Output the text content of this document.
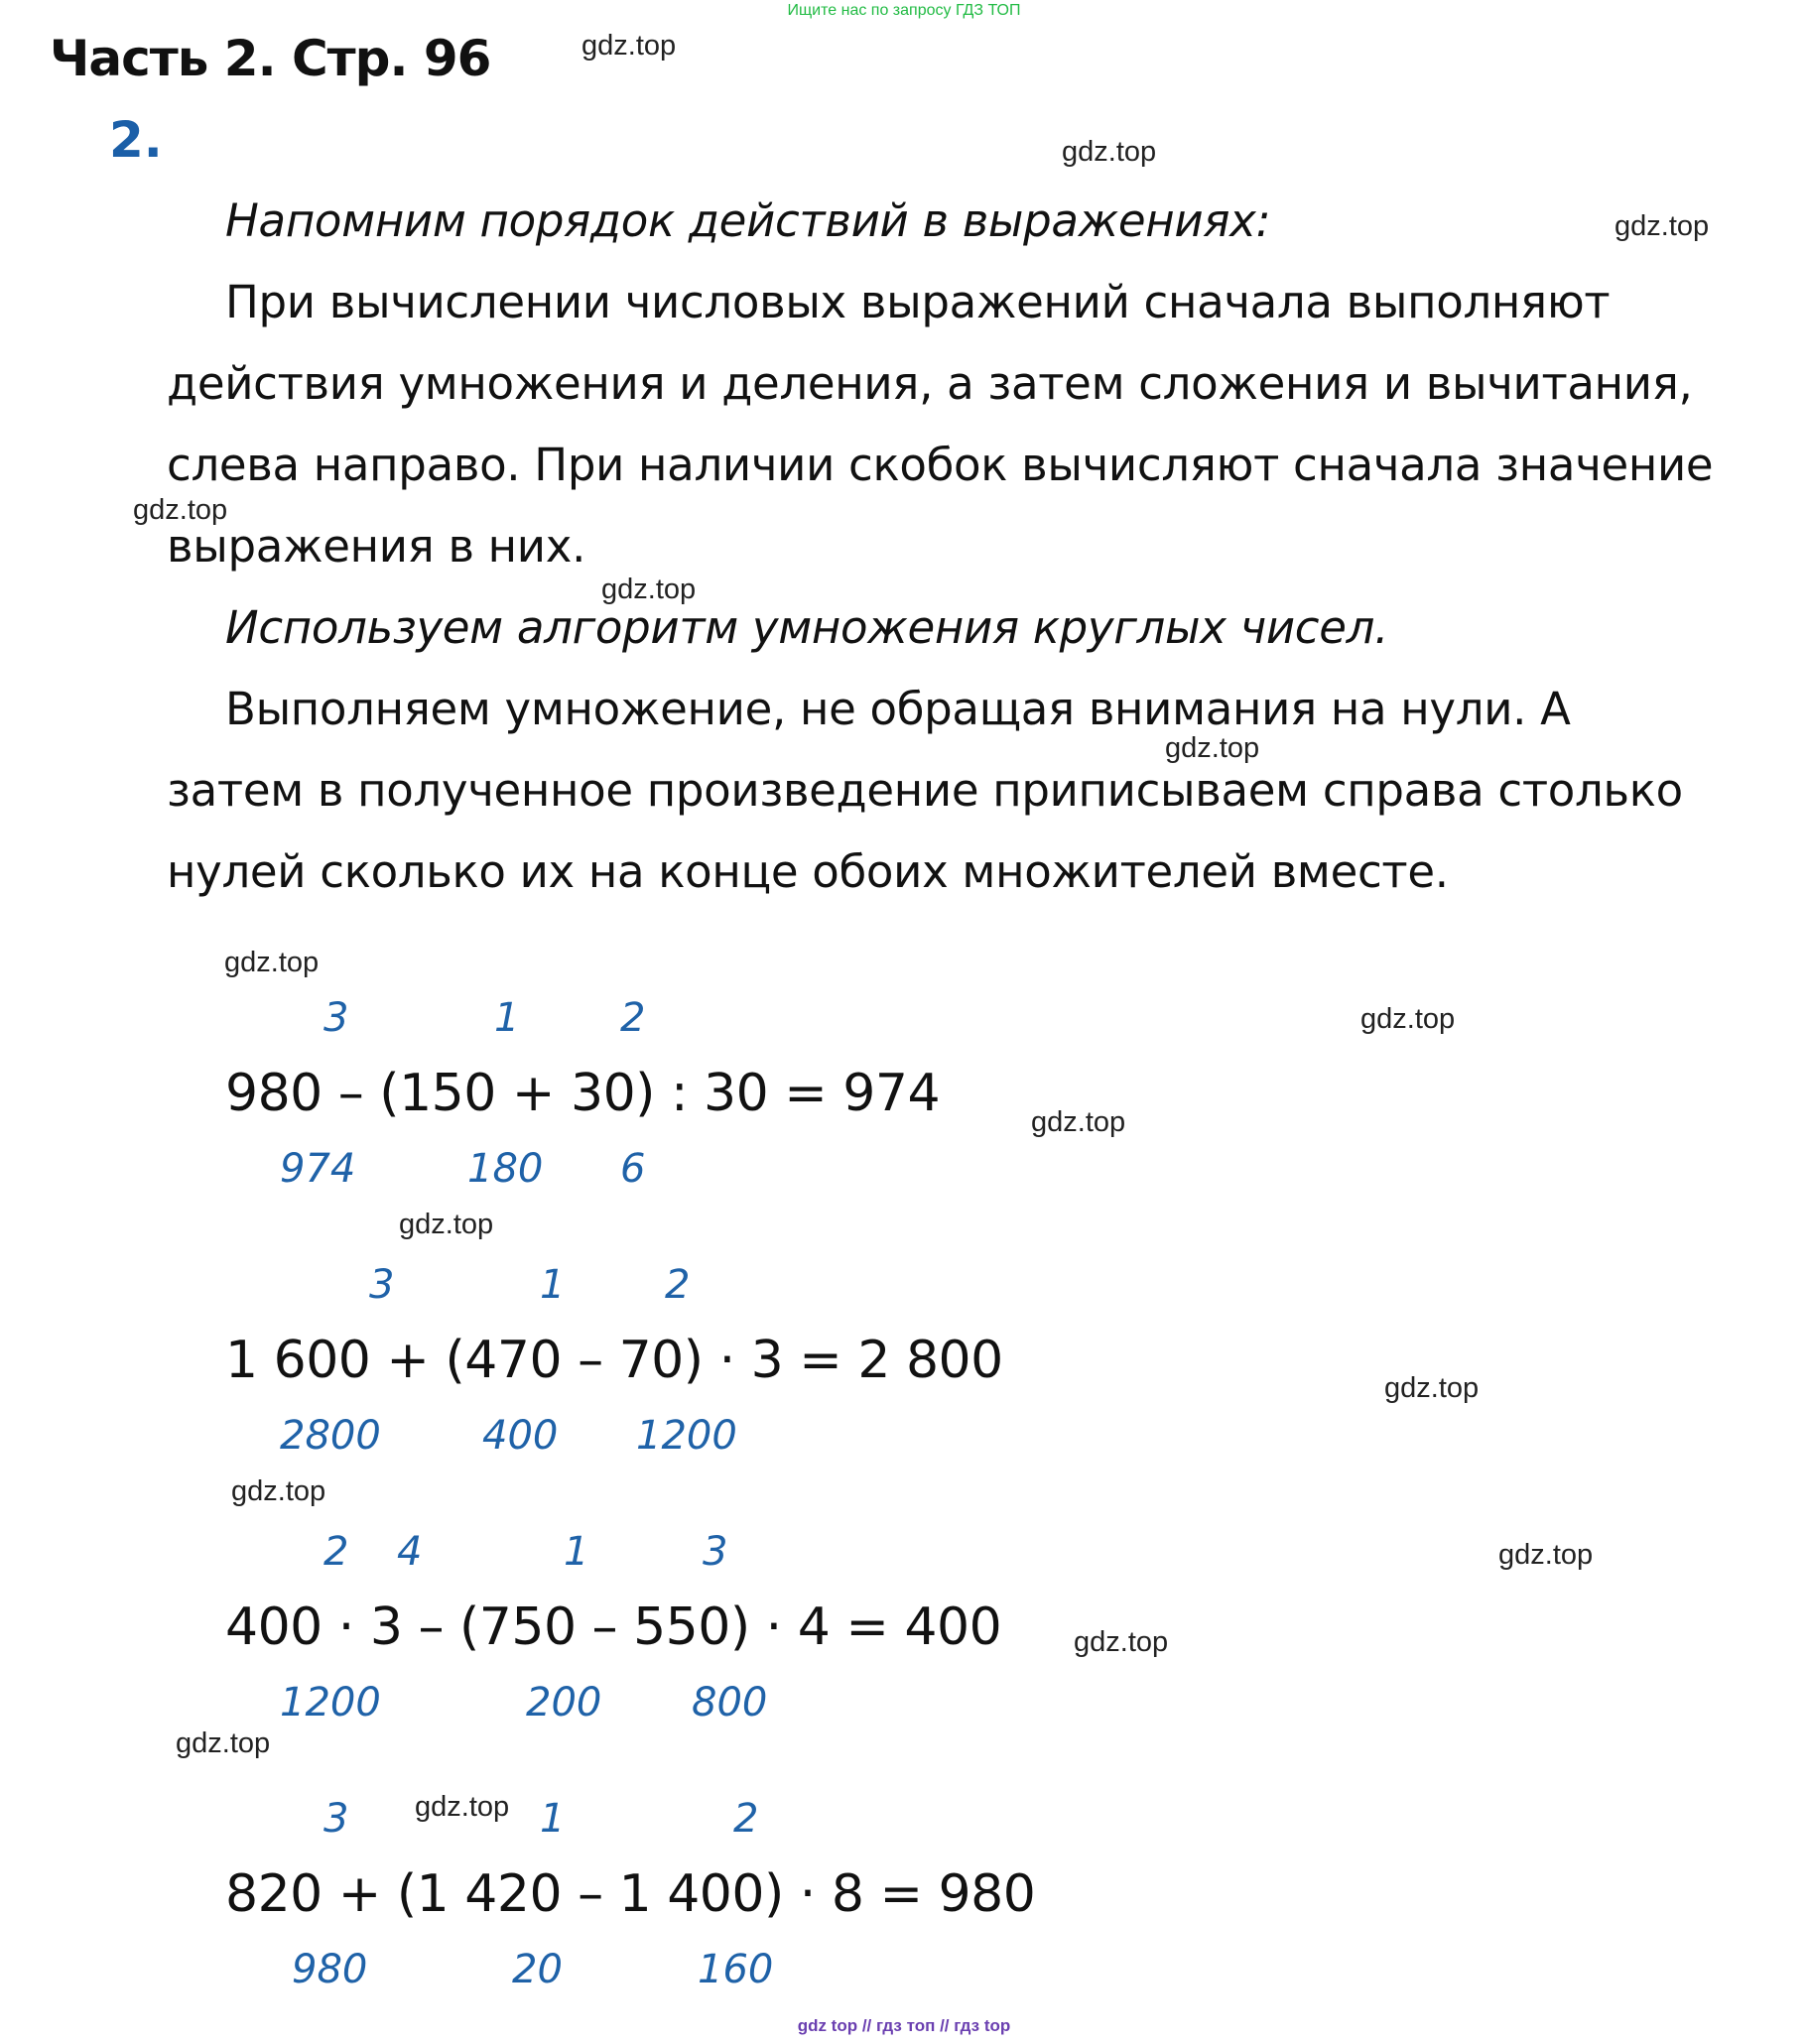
Ищите нас по запросу ГДЗ ТОП
Часть 2. Стр. 96
2.
Напомним порядок действий в выражениях:
При вычислении числовых выражений сначала выполняют
действия умножения и деления, а затем сложения и вычитания,
слева направо. При наличии скобок вычисляют сначала значение
выражения в них.
Используем алгоритм умножения круглых чисел.
Выполняем умножение, не обращая внимания на нули. А
затем в полученное произведение приписываем справа столько
нулей сколько их на конце обоих множителей вместе.
3	1	2
980 – (150 + 30) : 30 = 974
974	180 6
3	1	2
1 600 + (470 – 70) · 3 = 2 800
2800	400 1200
2 4	1	3
400 · 3 – (750 – 550) · 4 = 400
1200	200 800
3	1	2
820 + (1 420 – 1 400) · 8 = 980
980	20	160
gdz.top
gdz.top
gdz.top
gdz.top
gdz.top
gdz.top
gdz.top
gdz.top
gdz.top
gdz.top
gdz.top
gdz.top
gdz.top
gdz.top
gdz.top
gdz.top
gdz top // гдз топ // гдз top
